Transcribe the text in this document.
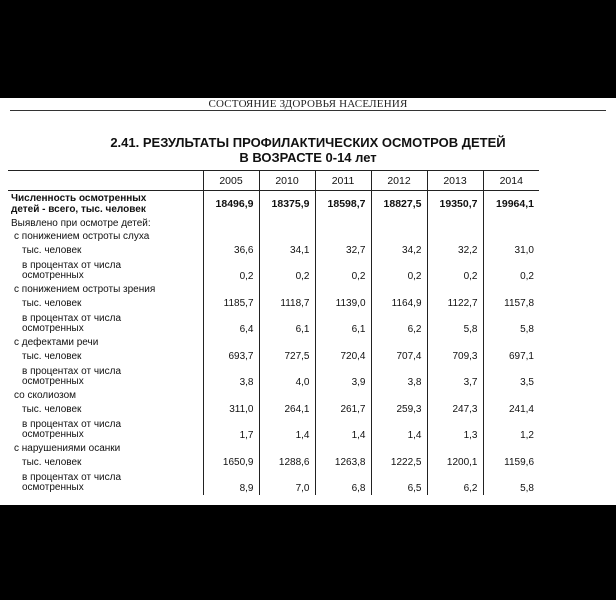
СОСТОЯНИЕ ЗДОРОВЬЯ НАСЕЛЕНИЯ
2.41. РЕЗУЛЬТАТЫ ПРОФИЛАКТИЧЕСКИХ ОСМОТРОВ ДЕТЕЙ
В ВОЗРАСТЕ 0-14 лет
	2005	2010	2011	2012	2013	2014

Численность осмотренных
детей - всего, тыс. человек	18496,9	18375,9	18598,7	18827,5	19350,7	19964,1
Выявлено при осмотре детей:						
с понижением остроты слуха						
тыс. человек	36,6	34,1	32,7	34,2	32,2	31,0

в процентах от числа
осмотренных	0,2	0,2	0,2	0,2	0,2	0,2
с понижением остроты зрения						
тыс. человек	1185,7	1118,7	1139,0	1164,9	1122,7	1157,8

в процентах от числа
осмотренных	6,4	6,1	6,1	6,2	5,8	5,8
с дефектами речи						
тыс. человек	693,7	727,5	720,4	707,4	709,3	697,1

в процентах от числа
осмотренных	3,8	4,0	3,9	3,8	3,7	3,5
со сколиозом						
тыс. человек	311,0	264,1	261,7	259,3	247,3	241,4

в процентах от числа
осмотренных	1,7	1,4	1,4	1,4	1,3	1,2
с нарушениями осанки						
тыс. человек	1650,9	1288,6	1263,8	1222,5	1200,1	1159,6

в процентах от числа
осмотренных	8,9	7,0	6,8	6,5	6,2	5,8
